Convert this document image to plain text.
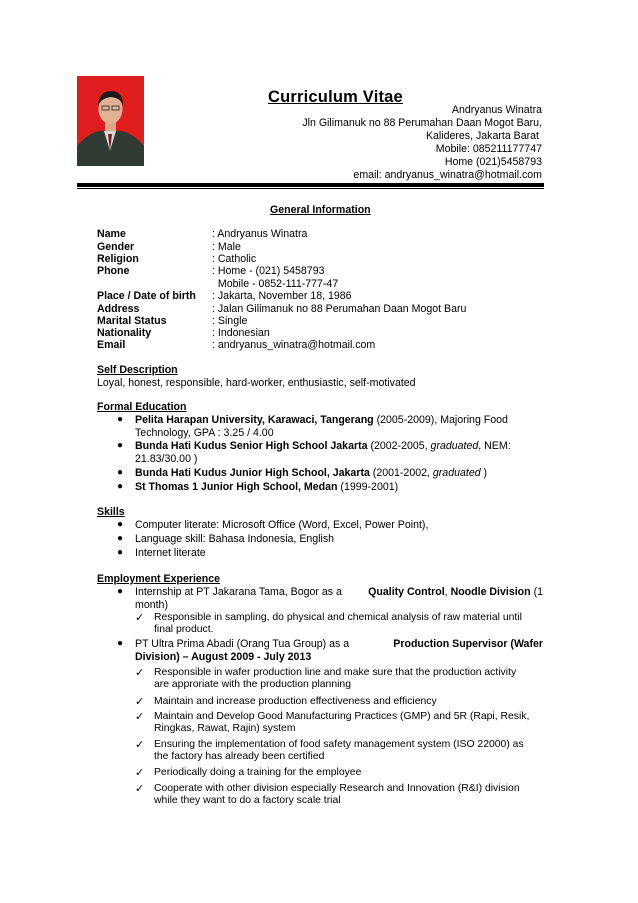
Curriculum Vitae
Andryanus Winatra
Jln Gilimanuk no 88 Perumahan Daan Mogot Baru,
Kalideres, Jakarta Barat
Mobile: 085211177747
Home (021)5458793
email: andryanus_winatra@hotmail.com
General Information
Name	: Andryanus Winatra
Gender	: Male
Religion	: Catholic
Phone	: Home - (021) 5458793
Mobile - 0852-111-777-47
Place / Date of birth : Jakarta, November 18, 1986
Address	: Jalan Gilimanuk no 88 Perumahan Daan Mogot Baru
Marital Status	: Single
Nationality	: Indonesian
Email	: andryanus_winatra@hotmail.com
Self Description
Loyal, honest, responsible, hard-worker, enthusiastic, self-motivated
Formal Education
● Pelita Harapan University, Karawaci, Tangerang (2005-2009), Majoring Food
Technology, GPA : 3.25 / 4.00
● Bunda Hati Kudus Senior High School Jakarta (2002-2005, graduated, NEM:
21.83/30.00 )
● Bunda Hati Kudus Junior High School, Jakarta (2001-2002, graduated )
● St Thomas 1 Junior High School, Medan (1999-2001)
Skills
● Computer literate: Microsoft Office (Word, Excel, Power Point),
● Language skill: Bahasa Indonesia, English
● Internet literate
Employment Experience
● Internship at PT Jakarana Tama, Bogor as a Quality Control, Noodle Division (1
month)
✓ Responsible in sampling, do physical and chemical analysis of raw material until
final product.
● PT Ultra Prima Abadi (Orang Tua Group) as a	Production Supervisor (Wafer
Division) – August 2009 - July 2013
✓ Responsible in wafer production line and make sure that the production activity
are approriate with the production planning
✓ Maintain and increase production effectiveness and efficiency
✓ Maintain and Develop Good Manufacturing Practices (GMP) and 5R (Rapi, Resik,
Ringkas, Rawat, Rajin) system
✓ Ensuring the implementation of food safety management system (ISO 22000) as
the factory has already been certified
✓ Periodically doing a training for the employee
✓ Cooperate with other division especially Research and Innovation (R&I) division
while they want to do a factory scale trial
